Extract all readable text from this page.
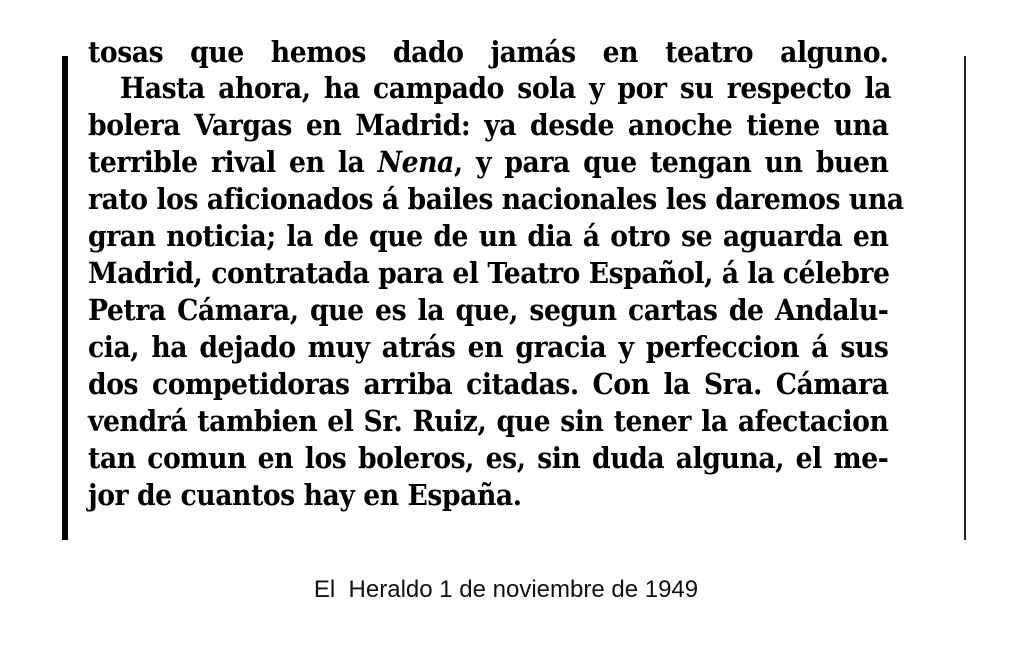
tosas que hemos dado jamás en teatro alguno.
Hasta ahora, ha campado sola y por su respecto la
bolera Vargas en Madrid: ya desde anoche tiene una
terrible rival en la Nena, y para que tengan un buen
rato los aficionados á bailes nacionales les daremos una
gran noticia; la de que de un dia á otro se aguarda en
Madrid, contratada para el Teatro Español, á la célebre
Petra Cámara, que es la que, segun cartas de Andalu-
cia, ha dejado muy atrás en gracia y perfeccion á sus
dos competidoras arriba citadas. Con la Sra. Cámara
vendrá tambien el Sr. Ruiz, que sin tener la afectacion
tan comun en los boleros, es, sin duda alguna, el me-
jor de cuantos hay en España.
El  Heraldo 1 de noviembre de 1949
